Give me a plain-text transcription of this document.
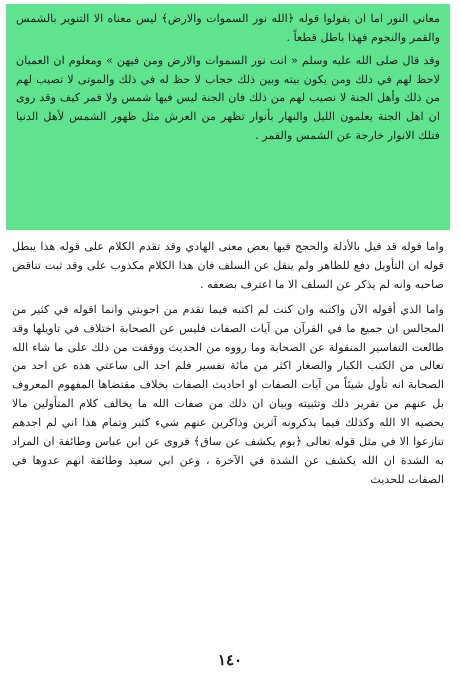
معاني النور اما ان يقولوا قوله ﴿الله نور السموات والارض﴾ ليس معناه الا التنوير بالشمس والقمر والنجوم فهذا باطل قطعاً .

وقد قال صلى الله عليه وسلم « انت نور السموات والارض ومن فيهن » ومعلوم ان العميان لاحظ لهم في ذلك ومن يكون بيته وبين ذلك حجاب لا حظ له في ذلك والموتى لا تصيب لهم من ذلك وأهل الجنة لا نصيب لهم من ذلك فان الجنة ليس فيها شمس ولا قمر كيف وقد روى ان اهل الجنة يعلمون الليل والنهار بأنوار تظهر من العرش مثل ظهور الشمس لأهل الدنيا فتلك الانوار خارجة عن الشمس والقمر .

واما قوله قد قيل بالأدلة والحجج فيها بعض معنى الهادي وقد تقدم الكلام على قوله هذا يبطل قوله ان التأويل دفع للظاهر ولم ينقل عن السلف فان هذا الكلام مكذوب على وقد ثبت تناقض صاحبه وانه لم يذكر عن السلف الا ما اعترف بضعفه .

واما الذي أقوله الآن واكتبه وان كنت لم اكتبه فيما تقدم من اجوبتي وانما اقوله في كثير من المجالس ان جميع ما في القرآن من آيات الصفات فليس عن الصحابة اختلاف في تاويلها وقد طالعت التفاسير المنقولة عن الصحابة وما رووه من الحديث ووقفت من ذلك على ما شاء الله تعالى من الكتب الكبار والصغار اكثر من مائة تفسير فلم اجد الى ساعتي هذه عن احد من الصحابة انه تأول شيئاً من آيات الصفات او احاديث الصفات بخلاف مقتضاها المفهوم المعروف بل عنهم من تقرير ذلك وتثبيته وبيان ان ذلك من صفات الله ما يخالف كلام المتأولين مالا يحصيه الا الله وكذلك فيما يذكرونه آثرين وذاكرين عنهم شيء كثير وتمام هذا اني لم اجدهم تنازعوا الا في مثل قوله تعالى ﴿يوم يكشف عن ساق﴾ فروى عن ابن عباس وطائفة ان المراد به الشدة ان الله يكشف عن الشدة في الآخرة ، وعن ابي سعيد وطائفة انهم عدوها في الصفات للحديث

١٤٠
